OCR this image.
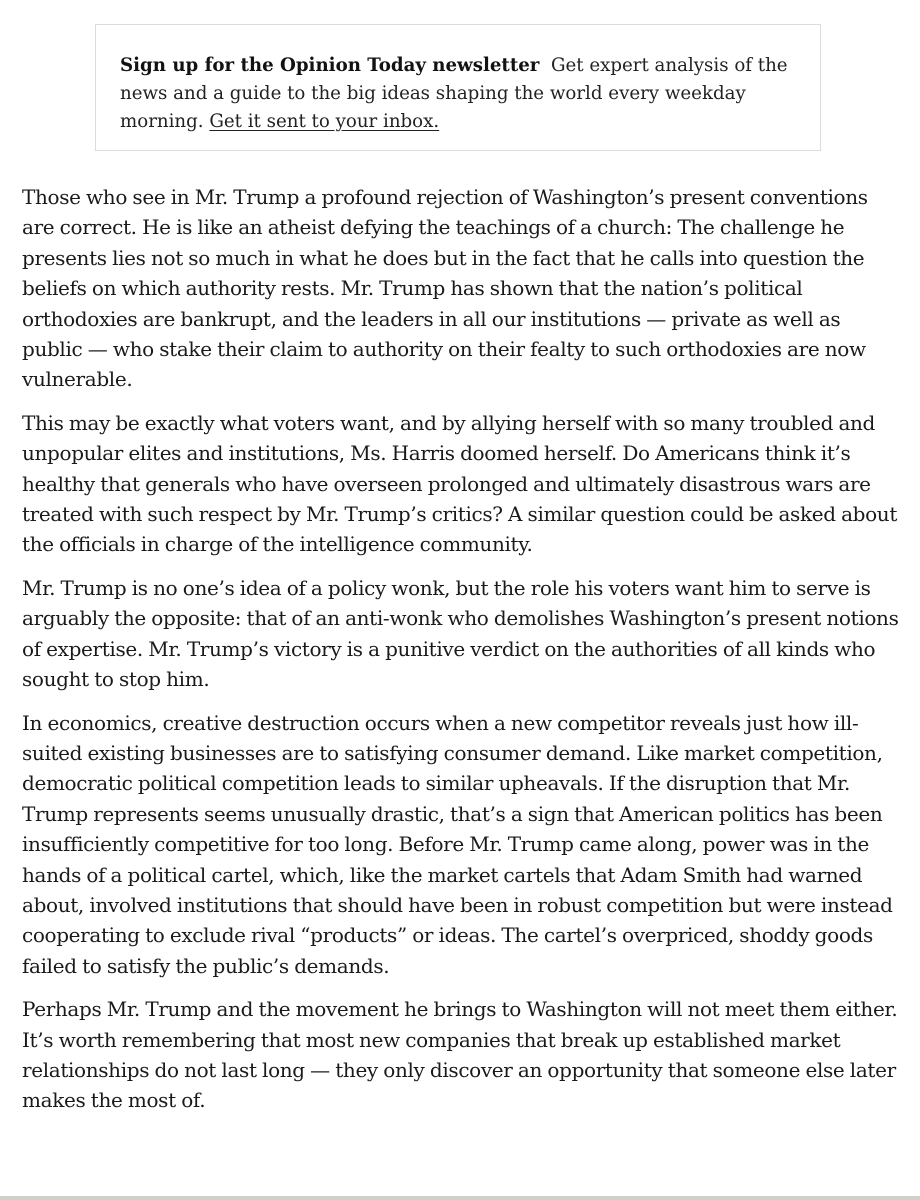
Sign up for the Opinion Today newsletter Get expert analysis of the news and a guide to the big ideas shaping the world every weekday morning. Get it sent to your inbox.

Those who see in Mr. Trump a profound rejection of Washington’s present conventions are correct. He is like an atheist defying the teachings of a church: The challenge he presents lies not so much in what he does but in the fact that he calls into question the beliefs on which authority rests. Mr. Trump has shown that the nation’s political orthodoxies are bankrupt, and the leaders in all our institutions — private as well as public — who stake their claim to authority on their fealty to such orthodoxies are now vulnerable.

This may be exactly what voters want, and by allying herself with so many troubled and unpopular elites and institutions, Ms. Harris doomed herself. Do Americans think it’s healthy that generals who have overseen prolonged and ultimately disastrous wars are treated with such respect by Mr. Trump’s critics? A similar question could be asked about the officials in charge of the intelligence community.

Mr. Trump is no one’s idea of a policy wonk, but the role his voters want him to serve is arguably the opposite: that of an anti-wonk who demolishes Washington’s present notions of expertise. Mr. Trump’s victory is a punitive verdict on the authorities of all kinds who sought to stop him.

In economics, creative destruction occurs when a new competitor reveals just how ill-suited existing businesses are to satisfying consumer demand. Like market competition, democratic political competition leads to similar upheavals. If the disruption that Mr. Trump represents seems unusually drastic, that’s a sign that American politics has been insufficiently competitive for too long. Before Mr. Trump came along, power was in the hands of a political cartel, which, like the market cartels that Adam Smith had warned about, involved institutions that should have been in robust competition but were instead cooperating to exclude rival “products” or ideas. The cartel’s overpriced, shoddy goods failed to satisfy the public’s demands.

Perhaps Mr. Trump and the movement he brings to Washington will not meet them either. It’s worth remembering that most new companies that break up established market relationships do not last long — they only discover an opportunity that someone else later makes the most of.
